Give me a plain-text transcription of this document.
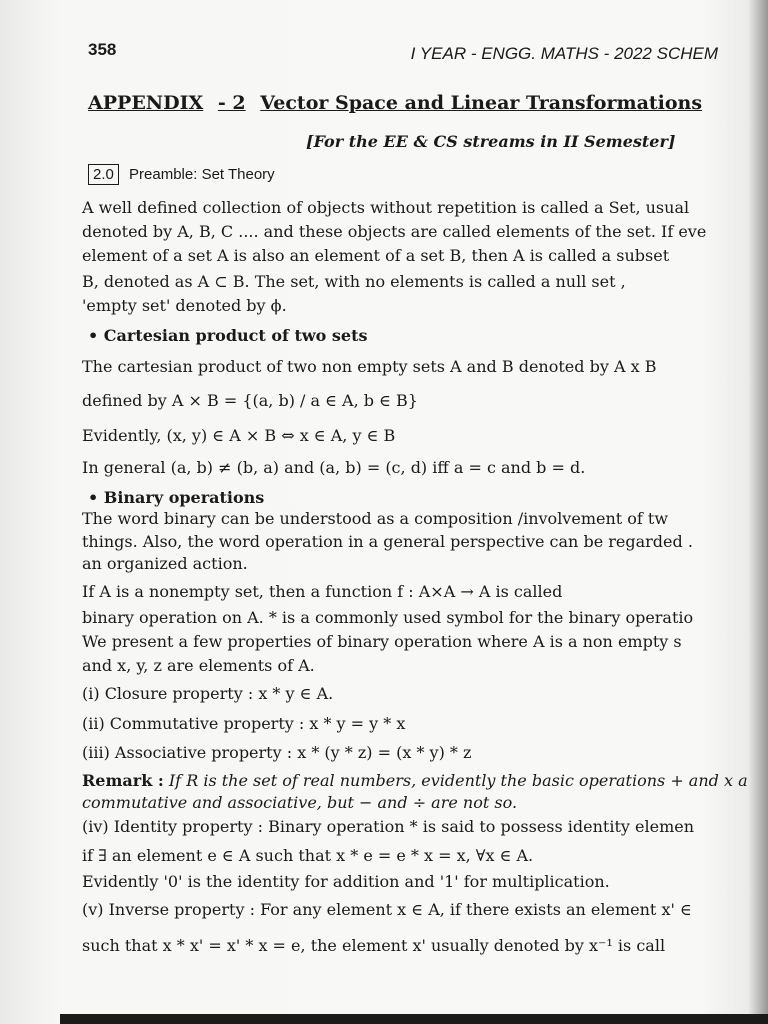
358	I YEAR - ENGG. MATHS - 2022 SCHEM
APPENDIX - 2 Vector Space and Linear Transformations
[For the EE & CS streams in II Semester]
2.0 Preamble: Set Theory
A well defined collection of objects without repetition is called a Set, usual
denoted by A, B, C .... and these objects are called elements of the set. If eve
element of a set A is also an element of a set B, then A is called a subset
B, denoted as A ⊂ B. The set, with no elements is called a null set ,
'empty set' denoted by ϕ.
• Cartesian product of two sets
The cartesian product of two non empty sets A and B denoted by A x B
defined by A × B = {(a, b) / a ∈ A, b ∈ B}
Evidently, (x, y) ∈ A × B ⇔ x ∈ A, y ∈ B
In general (a, b) ≠ (b, a) and (a, b) = (c, d) iff a = c and b = d.
• Binary operations
The word binary can be understood as a composition /involvement of tw
things. Also, the word operation in a general perspective can be regarded .
an organized action.
If A is a nonempty set, then a function f : A×A → A is called
binary operation on A. * is a commonly used symbol for the binary operatio
We present a few properties of binary operation where A is a non empty s
and x, y, z are elements of A.
(i) Closure property : x * y ∈ A.
(ii) Commutative property : x * y = y * x
(iii) Associative property : x * (y * z) = (x * y) * z
Remark : If R is the set of real numbers, evidently the basic operations + and x a
commutative and associative, but − and ÷ are not so.
(iv) Identity property : Binary operation * is said to possess identity elemen
if ∃ an element e ∈ A such that x * e = e * x = x, ∀x ∈ A.
Evidently '0' is the identity for addition and '1' for multiplication.
(v) Inverse property : For any element x ∈ A, if there exists an element x' ∈
such that x * x' = x' * x = e, the element x' usually denoted by x⁻¹ is call
